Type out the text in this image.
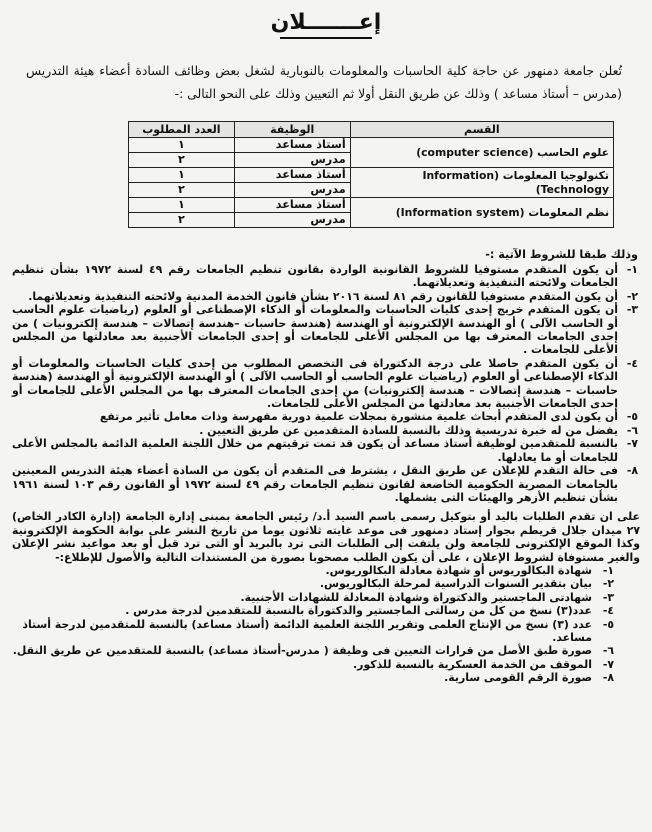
إعـــــــلان

تُعلن جامعة دمنهور عن حاجة كلية الحاسبات والمعلومات بالنوبارية لشغل بعض وظائف السادة أعضاء هيئة التدريس (مدرس – أستاذ مساعد ) وذلك عن طريق النقل أولا ثم التعيين وذلك على النحو التالى :-

القسم	الوظيفة	العدد المطلوب
علوم الحاسب (computer science)	أستاذ مساعد	١
	مدرس	٢
تكنولوجيا المعلومات (Information Technology)	أستاذ مساعد	١
	مدرس	٢
نظم المعلومات (Information system)	أستاذ مساعد	١
	مدرس	٢
وذلك طبقا للشروط الآتية :-
١-
أن يكون المتقدم مستوفيا للشروط القانونية الواردة بقانون تنظيم الجامعات رقم ٤٩ لسنة ١٩٧٢ بشأن تنظيم الجامعات ولائحته التنفيذية وتعديلاتهما.
٢-
أن يكون المتقدم مستوفيا للقانون رقم ٨١ لسنة ٢٠١٦ بشأن قانون الخدمة المدنية ولائحته التنفيذية وتعديلاتهما.
٣-
أن يكون المتقدم خريج إحدى كليات الحاسبات والمعلومات أو الذكاء الإصطناعى أو العلوم (رياضيات علوم الحاسب أو الحاسب الآلى ) أو الهندسة الإلكترونية أو الهندسة (هندسة حاسبات –هندسة إتصالات – هندسة إلكترونيات ) من إحدى الجامعات المعترف بها من المجلس الأعلى للجامعات أو إحدى الجامعات الأجنبية بعد معادلتها من المجلس الأعلى للجامعات .
٤-
أن يكون المتقدم حاصلا على درجة الدكتوراة فى التخصص المطلوب من إحدى كليات الحاسبات والمعلومات أو الذكاء الإصطناعى أو العلوم (رياضيات علوم الحاسب أو الحاسب الآلى ) أو الهندسة الإلكترونية أو الهندسة (هندسة حاسبات – هندسة إتصالات – هندسة إلكترونيات) من إحدى الجامعات المعترف بها من المجلس الأعلى للجامعات أو إحدى الجامعات الأجنبية بعد معادلتها من المجلس الأعلى للجامعات.
٥-
أن يكون لدى المتقدم أبحاث علمية منشورة بمجلات علمية دورية مفهرسة وذات معامل تأثير مرتفع
٦-
يفضل من له خبرة تدريسية وذلك بالنسبة للسادة المتقدمين عن طريق التعيين .
٧-
بالنسبة للمتقدمين لوظيفة أستاذ مساعد أن يكون قد تمت ترقيتهم من خلال اللجنة العلمية الدائمة بالمجلس الأعلى للجامعات أو ما يعادلها.
٨-
فى حالة التقدم للإعلان عن طريق النقل ، يشترط فى المتقدم أن يكون من السادة أعضاء هيئة التدريس المعينين بالجامعات المصرية الحكومية الخاضعة لقانون تنظيم الجامعات رقم ٤٩ لسنة ١٩٧٢ أو القانون رقم ١٠٣ لسنة ١٩٦١ بشأن تنظيم الأزهر والهيئات التى يشملها.

على ان تقدم الطلبات باليد أو بتوكيل رسمى باسم السيد أ.د/ رئيس الجامعة بمبنى إدارة الجامعة (إدارة الكادر الخاص) ٢٧ ميدان جلال قريطم بجوار إستاد دمنهور فى موعد غايته ثلاثون يوما من تاريخ النشر على بوابة الحكومة الإلكترونية وكذا الموقع الإلكترونى للجامعة ولن يلتفت إلى الطلبات التى ترد بالبريد أو التى ترد قبل أو بعد مواعيد نشر الإعلان والغير مستوفاة لشروط الإعلان ، على أن يكون الطلب مصحوبا بصورة من المستندات التالية والأصول للإطلاع:-

١-
شهادة البكالوريوس أو شهادة معادلة البكالوريوس.
٢-
بيان بتقدير السنوات الدراسية لمرحلة البكالوريوس.
٣-
شهادتى الماجستير والدكتوراة وشهادة المعادلة للشهادات الأجنبية.
٤-
عدد(٣) نسخ من كل من رسالتى الماجستير والدكتوراة بالنسبة للمتقدمين لدرجة مدرس .
٥-
عدد (٣) نسخ من الإنتاج العلمى وتقرير اللجنة العلمية الدائمة (أستاذ مساعد) بالنسبة للمتقدمين لدرجة أستاذ مساعد.
٦-
صورة طبق الأصل من قرارات التعيين فى وظيفة ( مدرس-أستاذ مساعد) بالنسبة للمتقدمين عن طريق النقل.
٧-
الموقف من الخدمة العسكرية بالنسبة للذكور.
٨-
صورة الرقم القومى سارية.
